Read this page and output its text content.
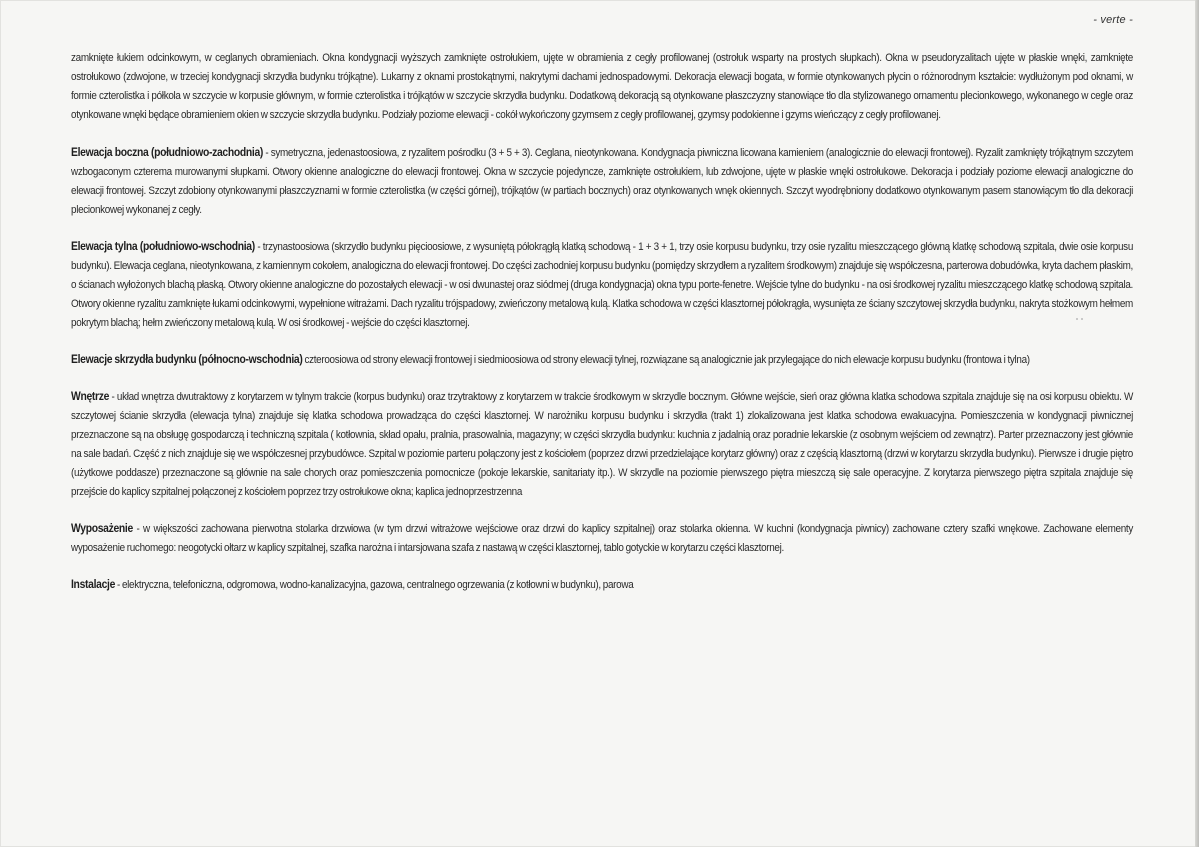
- verte -

zamknięte łukiem odcinkowym, w ceglanych obramieniach. Okna kondygnacji wyższych zamknięte ostrołukiem, ujęte w obramienia z cegły profilowanej (ostrołuk wsparty na prostych słupkach). Okna w pseudoryzalitach ujęte w płaskie wnęki, zamknięte ostrołukowo (zdwojone, w trzeciej kondygnacji skrzydła budynku trójkątne). Lukarny z oknami prostokątnymi, nakrytymi dachami jednospadowymi. Dekoracja elewacji bogata, w formie otynkowanych płycin o różnorodnym kształcie: wydłużonym pod oknami, w formie czterolistka i półkola w szczycie w korpusie głównym, w formie czterolistka i trójkątów w szczycie skrzydła budynku. Dodatkową dekoracją są otynkowane płaszczyzny stanowiące tło dla stylizowanego ornamentu plecionkowego, wykonanego w cegle oraz otynkowane wnęki będące obramieniem okien w szczycie skrzydła budynku. Podziały poziome elewacji - cokół wykończony gzymsem z cegły profilowanej, gzymsy podokienne i gzyms wieńczący z cegły profilowanej.

Elewacja boczna (południowo-zachodnia) - symetryczna, jedenastoosiowa, z ryzalitem pośrodku (3 + 5 + 3). Ceglana, nieotynkowana. Kondygnacja piwniczna licowana kamieniem (analogicznie do elewacji frontowej). Ryzalit zamknięty trójkątnym szczytem wzbogaconym czterema murowanymi słupkami. Otwory okienne analogiczne do elewacji frontowej. Okna w szczycie pojedyncze, zamknięte ostrołukiem, lub zdwojone, ujęte w płaskie wnęki ostrołukowe. Dekoracja i podziały poziome elewacji analogiczne do elewacji frontowej. Szczyt zdobiony otynkowanymi płaszczyznami w formie czterolistka (w części górnej), trójkątów (w partiach bocznych) oraz otynkowanych wnęk okiennych. Szczyt wyodrębniony dodatkowo otynkowanym pasem stanowiącym tło dla dekoracji plecionkowej wykonanej z cegły.

Elewacja tylna (południowo-wschodnia) - trzynastoosiowa (skrzydło budynku pięcioosiowe, z wysuniętą półokrągłą klatką schodową - 1 + 3 + 1, trzy osie korpusu budynku, trzy osie ryzalitu mieszczącego główną klatkę schodową szpitala, dwie osie korpusu budynku). Elewacja ceglana, nieotynkowana, z kamiennym cokołem, analogiczna do elewacji frontowej. Do części zachodniej korpusu budynku (pomiędzy skrzydłem a ryzalitem środkowym) znajduje się współczesna, parterowa dobudówka, kryta dachem płaskim, o ścianach wyłożonych blachą płaską. Otwory okienne analogiczne do pozostałych elewacji - w osi dwunastej oraz siódmej (druga kondygnacja) okna typu porte-fenetre. Wejście tylne do budynku - na osi środkowej ryzalitu mieszczącego klatkę schodową szpitala. Otwory okienne ryzalitu zamknięte łukami odcinkowymi, wypełnione witrażami. Dach ryzalitu trójspadowy, zwieńczony metalową kulą. Klatka schodowa w części klasztornej półokrągła, wysunięta ze ściany szczytowej skrzydła budynku, nakryta stożkowym hełmem pokrytym blachą; hełm zwieńczony metalową kulą. W osi środkowej - wejście do części klasztornej.

Elewacje skrzydła budynku (północno-wschodnia) czteroosiowa od strony elewacji frontowej i siedmioosiowa od strony elewacji tylnej, rozwiązane są analogicznie jak przylegające do nich elewacje korpusu budynku (frontowa i tylna)

Wnętrze - układ wnętrza dwutraktowy z korytarzem w tylnym trakcie (korpus budynku) oraz trzytraktowy z korytarzem w trakcie środkowym w skrzydle bocznym. Główne wejście, sień oraz główna klatka schodowa szpitala znajduje się na osi korpusu obiektu. W szczytowej ścianie skrzydła (elewacja tylna) znajduje się klatka schodowa prowadząca do części klasztornej. W narożniku korpusu budynku i skrzydła (trakt 1) zlokalizowana jest klatka schodowa ewakuacyjna. Pomieszczenia w kondygnacji piwnicznej przeznaczone są na obsługę gospodarczą i techniczną szpitala ( kotłownia, skład opału, pralnia, prasowalnia, magazyny; w części skrzydła budynku: kuchnia z jadalnią oraz poradnie lekarskie (z osobnym wejściem od zewnątrz). Parter przeznaczony jest głównie na sale badań. Część z nich znajduje się we współczesnej przybudówce. Szpital w poziomie parteru połączony jest z kościołem (poprzez drzwi przedzielające korytarz główny) oraz z częścią klasztorną (drzwi w korytarzu skrzydła budynku). Pierwsze i drugie piętro (użytkowe poddasze) przeznaczone są głównie na sale chorych oraz pomieszczenia pomocnicze (pokoje lekarskie, sanitariaty itp.). W skrzydle na poziomie pierwszego piętra mieszczą się sale operacyjne. Z korytarza pierwszego piętra szpitala znajduje się przejście do kaplicy szpitalnej połączonej z kościołem poprzez trzy ostrołukowe okna; kaplica jednoprzestrzenna

Wyposażenie - w większości zachowana pierwotna stolarka drzwiowa (w tym drzwi witrażowe wejściowe oraz drzwi do kaplicy szpitalnej) oraz stolarka okienna. W kuchni (kondygnacja piwnicy) zachowane cztery szafki wnękowe. Zachowane elementy wyposażenie ruchomego: neogotycki ołtarz w kaplicy szpitalnej, szafka narożna i intarsjowana szafa z nastawą w części klasztornej, tablo gotyckie w korytarzu części klasztornej.

Instalacje - elektryczna, telefoniczna, odgromowa, wodno-kanalizacyjna, gazowa, centralnego ogrzewania (z kotłowni w budynku), parowa
